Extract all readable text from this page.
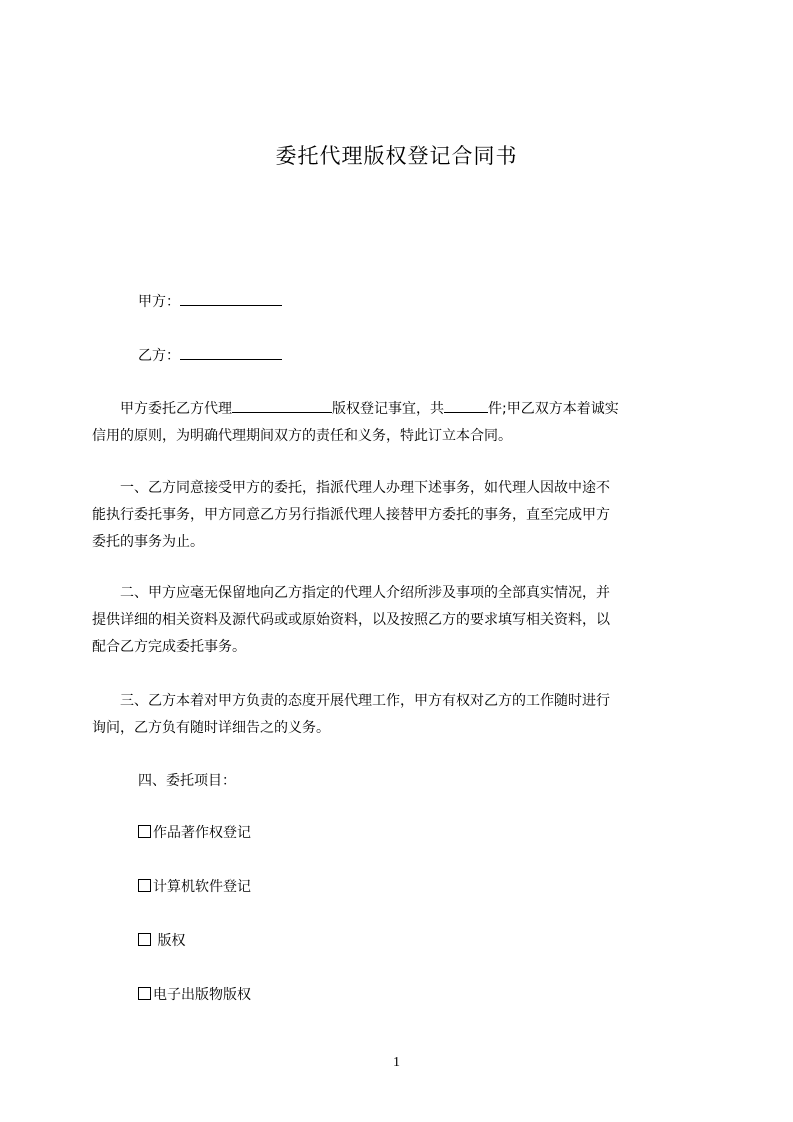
委托代理版权登记合同书
甲方：
乙方：
甲方委托乙方代理	版权登记事宜，共	件;甲乙双方本着诚实
信用的原则，为明确代理期间双方的责任和义务，特此订立本合同。
一、乙方同意接受甲方的委托，指派代理人办理下述事务，如代理人因故中途不
能执行委托事务，甲方同意乙方另行指派代理人接替甲方委托的事务，直至完成甲方
委托的事务为止。
二、甲方应毫无保留地向乙方指定的代理人介绍所涉及事项的全部真实情况，并
提供详细的相关资料及源代码或或原始资料，以及按照乙方的要求填写相关资料，以
配合乙方完成委托事务。
三、乙方本着对甲方负责的态度开展代理工作，甲方有权对乙方的工作随时进行
询问，乙方负有随时详细告之的义务。
四、委托项目：
作品著作权登记
计算机软件登记
版权
电子出版物版权
1
